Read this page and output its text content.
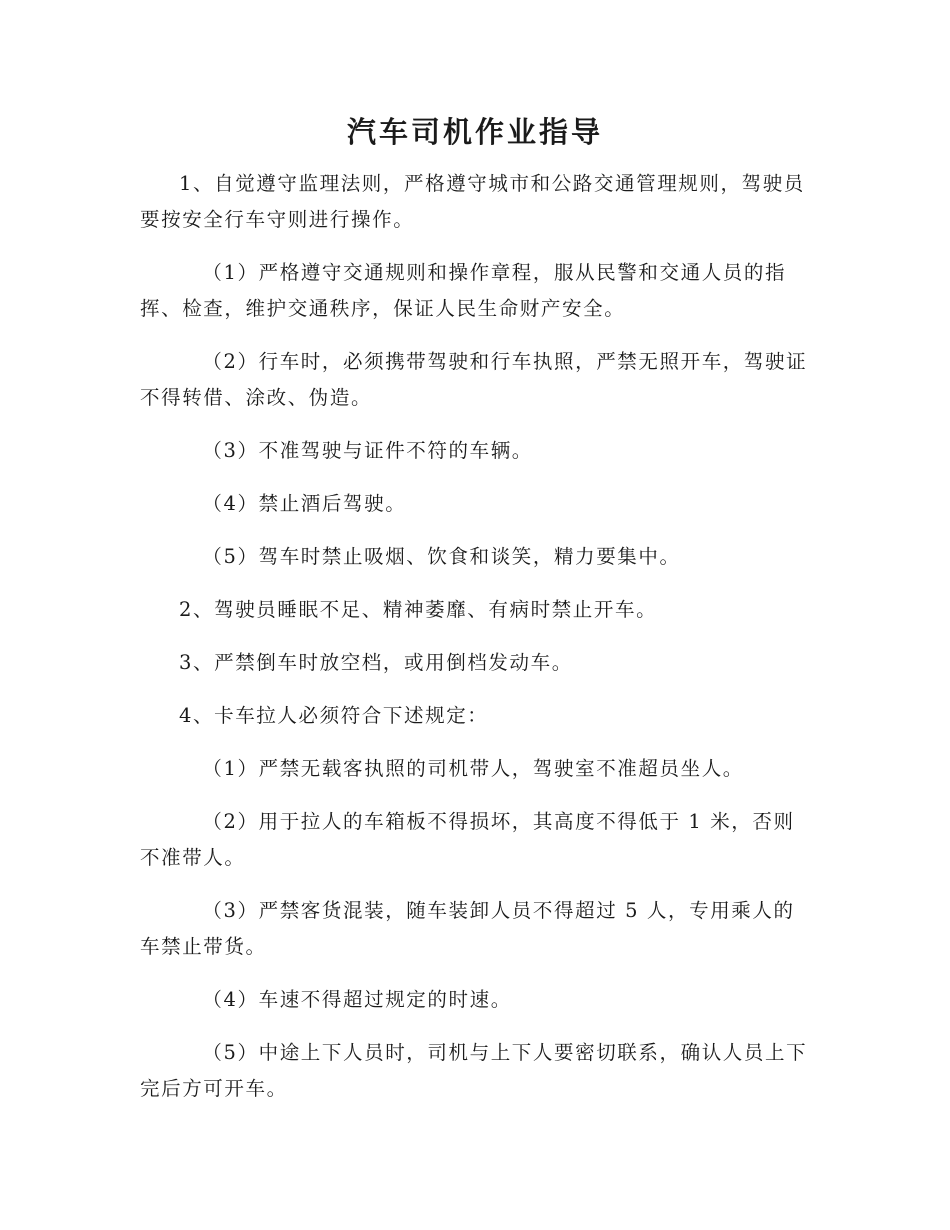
汽车司机作业指导

1、自觉遵守监理法则，严格遵守城市和公路交通管理规则，驾驶员要按安全行车守则进行操作。

（1）严格遵守交通规则和操作章程，服从民警和交通人员的指挥、检查，维护交通秩序，保证人民生命财产安全。

（2）行车时，必须携带驾驶和行车执照，严禁无照开车，驾驶证不得转借、涂改、伪造。

（3）不准驾驶与证件不符的车辆。

（4）禁止酒后驾驶。

（5）驾车时禁止吸烟、饮食和谈笑，精力要集中。

2、驾驶员睡眠不足、精神萎靡、有病时禁止开车。

3、严禁倒车时放空档，或用倒档发动车。

4、卡车拉人必须符合下述规定：

（1）严禁无载客执照的司机带人，驾驶室不准超员坐人。

（2）用于拉人的车箱板不得损坏，其高度不得低于 1 米，否则不准带人。

（3）严禁客货混装，随车装卸人员不得超过 5 人，专用乘人的车禁止带货。

（4）车速不得超过规定的时速。

（5）中途上下人员时，司机与上下人要密切联系，确认人员上下完后方可开车。
